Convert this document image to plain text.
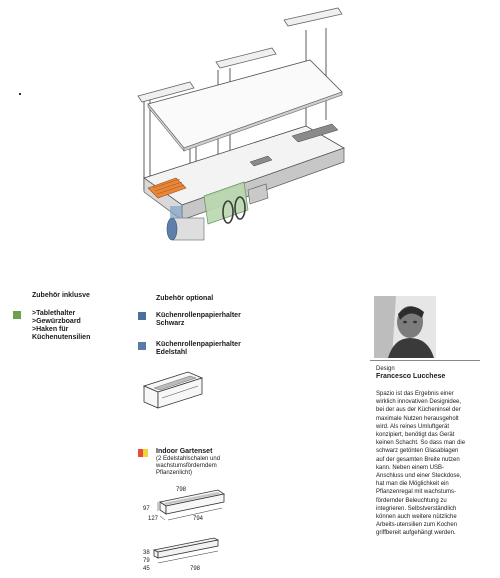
Zubehör inklusve
>Tablethalter
>Gewürzboard
>Haken für Küchenutensilien
Zubehör optional
Küchenrollenpapierhalter Schwarz
Küchenrollenpapierhalter Edelstahl
Indoor Gartenset
(2 Edelstahlschalen und wachstumsförderndem Pflanzenlicht)
798
97
127	794
38
79
45	798
Design
Francesco Lucchese
Spazio ist das Ergebnis einer wirklich innovativen Designidee, bei der aus der Kücheninsel der maximale Nutzen herausgeholt wird. Als reines Umluftgerät konzipiert, benötigt das Gerät keinen Schacht. So dass man die schwarz getönten Glasablagen auf der gesamten Breite nutzen kann. Neben einem USB-Anschluss und einer Steckdose, hat man die Möglichkeit ein Pflanzenregal mit wachstums-fördernder Beleuchtung zu integrieren. Selbstverständlich können auch weitere nützliche Arbeits-utensilien zum Kochen griffbereit aufgehängt werden.
